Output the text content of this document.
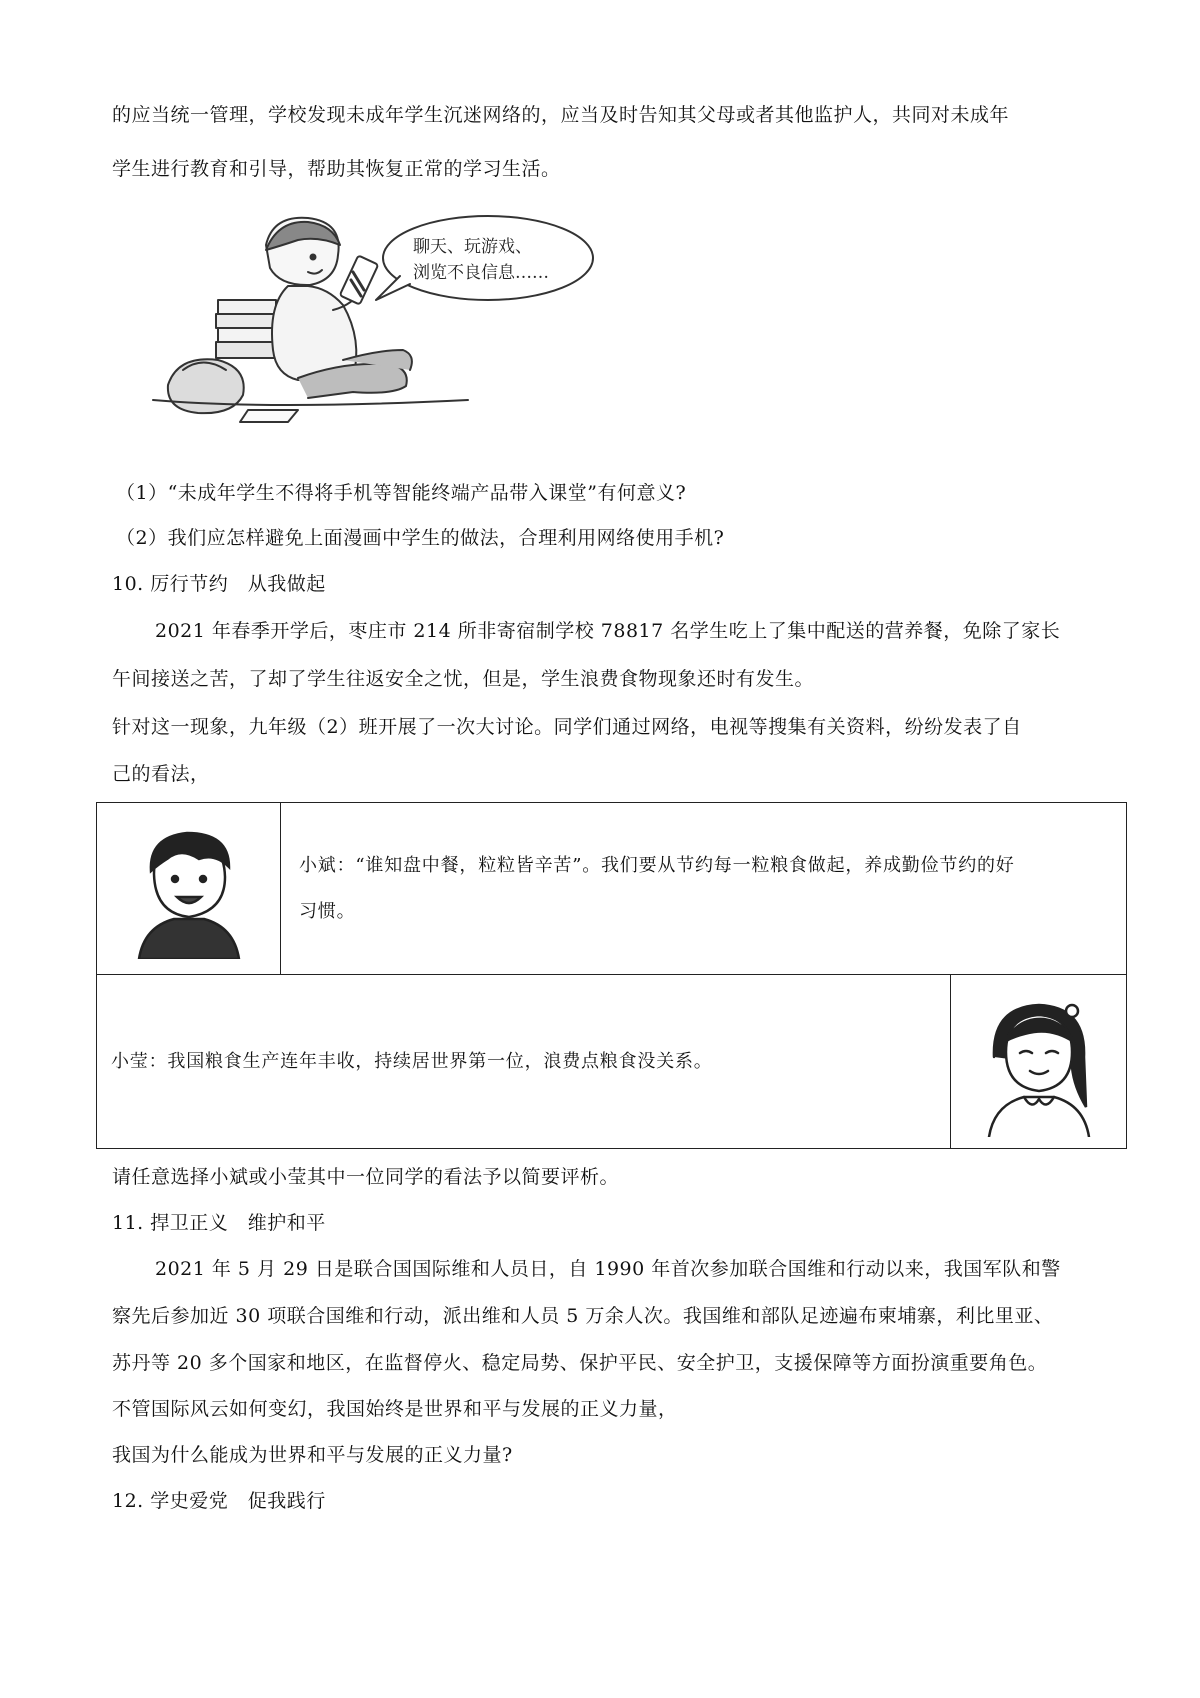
的应当统一管理，学校发现未成年学生沉迷网络的，应当及时告知其父母或者其他监护人，共同对未成年
学生进行教育和引导，帮助其恢复正常的学习生活。
聊天、玩游戏、
浏览不良信息……
（1）“未成年学生不得将手机等智能终端产品带入课堂”有何意义?
（2）我们应怎样避免上面漫画中学生的做法，合理利用网络使用手机?
10. 厉行节约　从我做起
2021 年春季开学后，枣庄市 214 所非寄宿制学校 78817 名学生吃上了集中配送的营养餐，免除了家长
午间接送之苦，了却了学生往返安全之忧，但是，学生浪费食物现象还时有发生。
针对这一现象，九年级（2）班开展了一次大讨论。同学们通过网络，电视等搜集有关资料，纷纷发表了自
己的看法，

小斌：“谁知盘中餐，粒粒皆辛苦”。我们要从节约每一粒粮食做起，养成勤俭节约的好
习惯。	

小莹：我国粮食生产连年丰收，持续居世界第一位，浪费点粮食没关系。

请任意选择小斌或小莹其中一位同学的看法予以简要评析。
11. 捍卫正义　维护和平
2021 年 5 月 29 日是联合国国际维和人员日，自 1990 年首次参加联合国维和行动以来，我国军队和警
察先后参加近 30 项联合国维和行动，派出维和人员 5 万余人次。我国维和部队足迹遍布柬埔寨，利比里亚、
苏丹等 20 多个国家和地区，在监督停火、稳定局势、保护平民、安全护卫，支援保障等方面扮演重要角色。
不管国际风云如何变幻，我国始终是世界和平与发展的正义力量，
我国为什么能成为世界和平与发展的正义力量?
12. 学史爱党　促我践行
